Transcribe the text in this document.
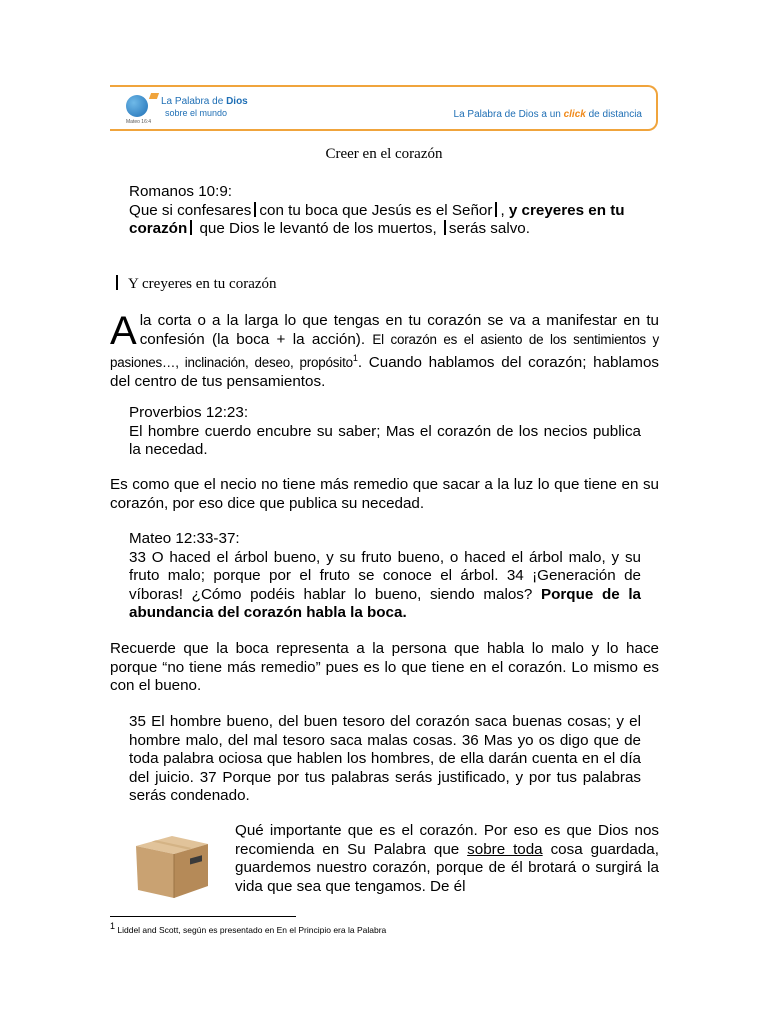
La Palabra de Dios
sobre el mundo
Mateo 16:4
La Palabra de Dios a un click de distancia
Creer en el corazón
Romanos 10:9:
Que si confesares con tu boca que Jesús es el Señor , y creyeres en tu corazón que Dios le levantó de los muertos, serás salvo.
Y creyeres en tu corazón
Ala corta o a la larga lo que tengas en tu corazón se va a manifestar en tu confesión (la boca + la acción). El corazón es el asiento de los sentimientos y pasiones…, inclinación, deseo, propósito$^1$. Cuando hablamos del corazón; hablamos del centro de tus pensamientos.
Proverbios 12:23:
El hombre cuerdo encubre su saber; Mas el corazón de los necios publica la necedad.
Es como que el necio no tiene más remedio que sacar a la luz lo que tiene en su corazón, por eso dice que publica su necedad.
Mateo 12:33-37:
33 O haced el árbol bueno, y su fruto bueno, o haced el árbol malo, y su fruto malo; porque por el fruto se conoce el árbol. 34 ¡Generación de víboras! ¿Cómo podéis hablar lo bueno, siendo malos? Porque de la abundancia del corazón habla la boca.
Recuerde que la boca representa a la persona que habla lo malo y lo hace porque “no tiene más remedio” pues es lo que tiene en el corazón. Lo mismo es con el bueno.
35 El hombre bueno, del buen tesoro del corazón saca buenas cosas; y el hombre malo, del mal tesoro saca malas cosas. 36 Mas yo os digo que de toda palabra ociosa que hablen los hombres, de ella darán cuenta en el día del juicio. 37 Porque por tus palabras serás justificado, y por tus palabras serás condenado.
Qué importante que es el corazón. Por eso es que Dios nos recomienda en Su Palabra que sobre toda cosa guardada, guardemos nuestro corazón, porque de él brotará o surgirá la vida que sea que tengamos. De él
$^1$ Liddel and Scott, según es presentado en En el Principio era la Palabra
